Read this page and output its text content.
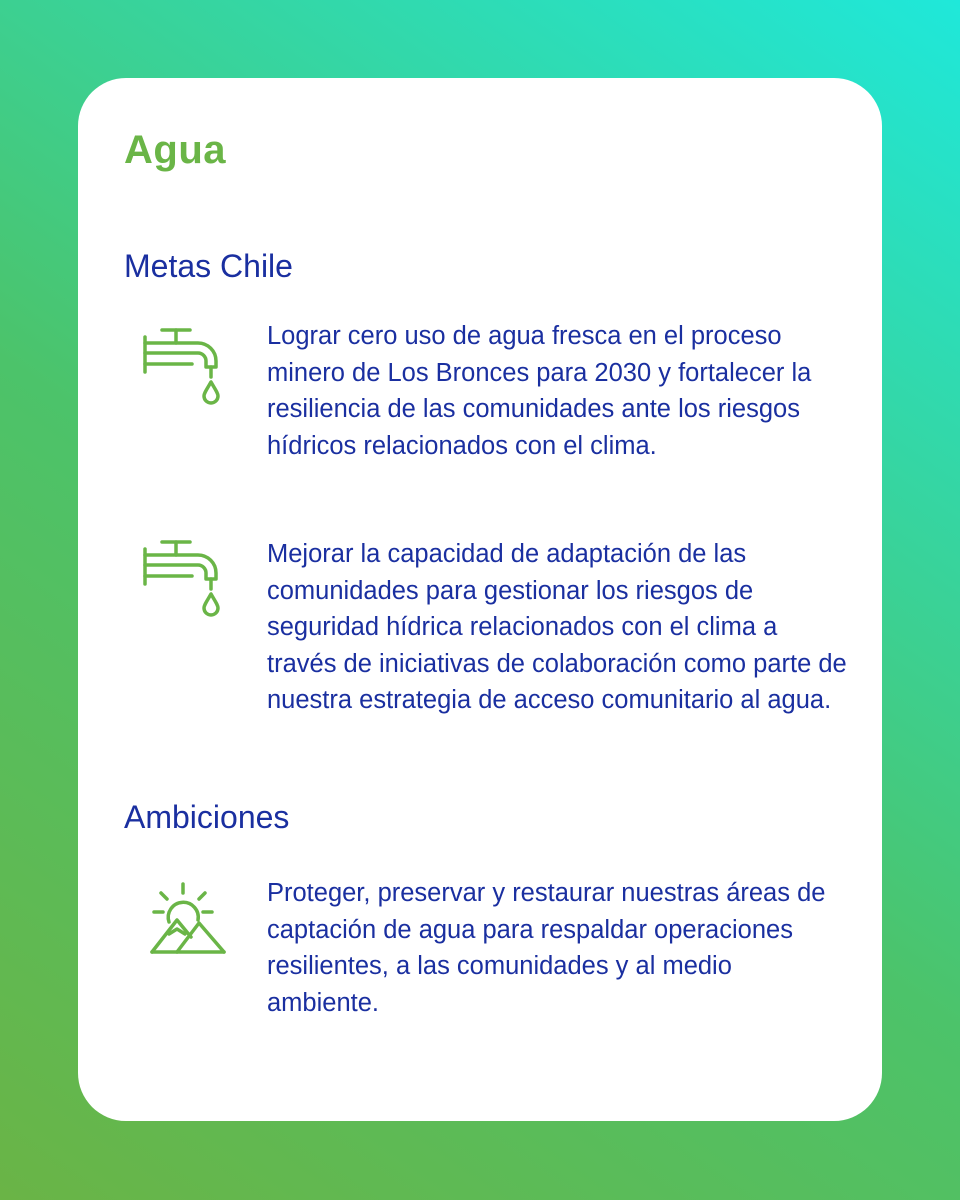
Agua
Metas Chile

Lograr cero uso de agua fresca en el proceso minero de Los Bronces para 2030 y fortalecer la resiliencia de las comunidades ante los riesgos hídricos relacionados con el clima.

Mejorar la capacidad de adaptación de las comunidades para gestionar los riesgos de seguridad hídrica relacionados con el clima a través de iniciativas de colaboración como parte de nuestra estrategia de acceso comunitario al agua.

Ambiciones

Proteger, preservar y restaurar nuestras áreas de captación de agua para respaldar operaciones resilientes, a las comunidades y al medio ambiente.
